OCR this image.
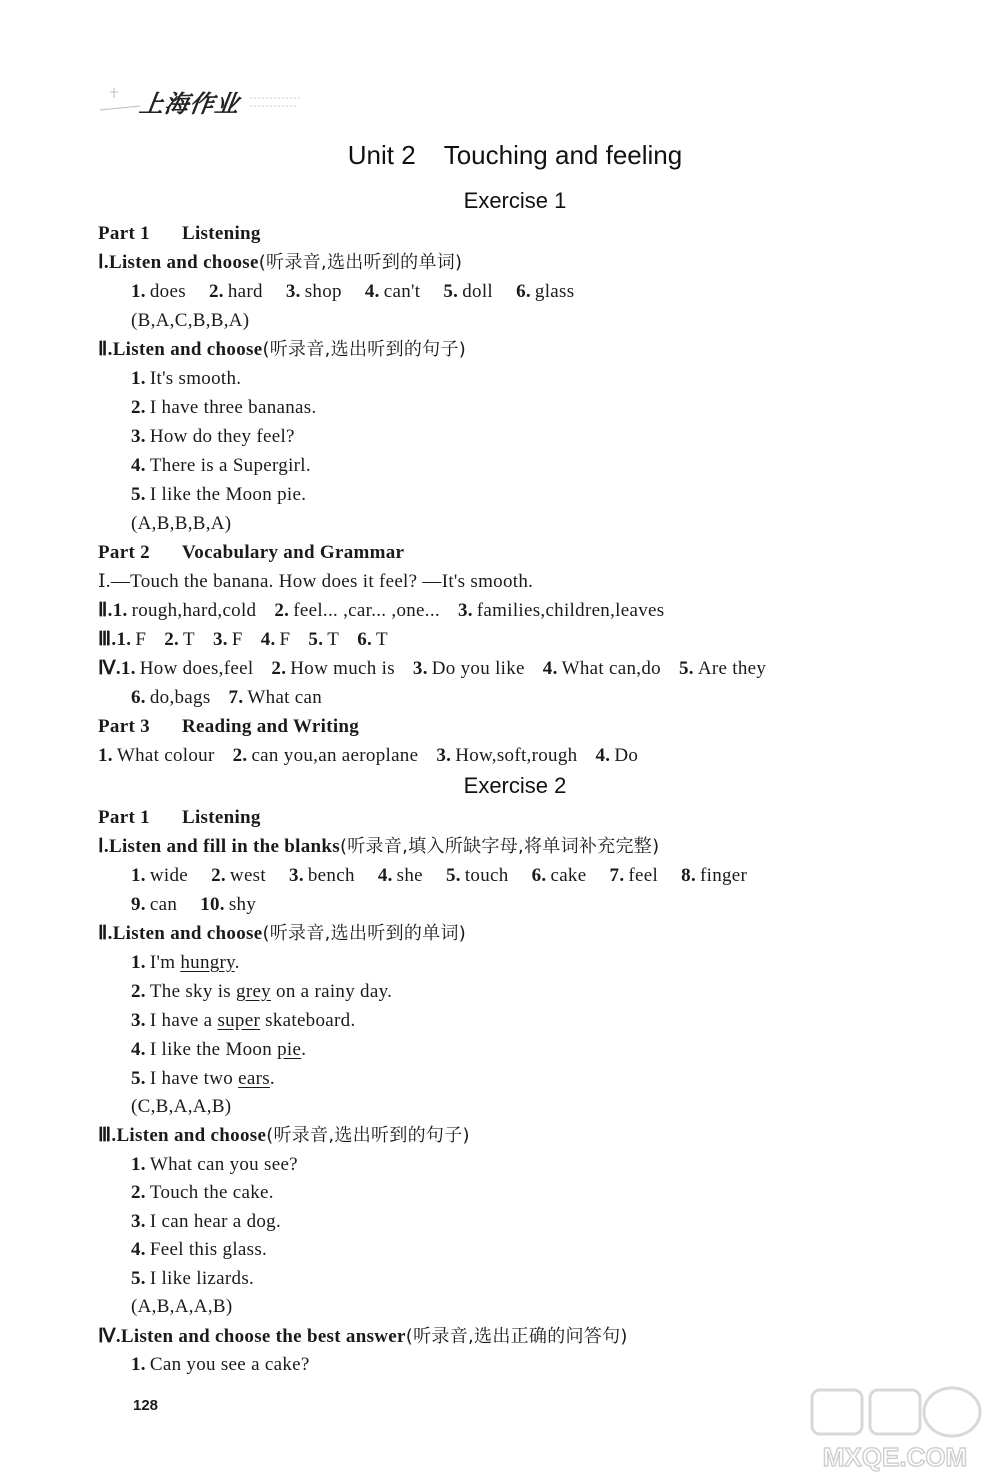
上海作业
Unit 2 Touching and feeling
Exercise 1
Part 1 Listening
Ⅰ.Listen and choose(听录音,选出听到的单词)
1. does 2. hard 3. shop 4. can't 5. doll 6. glass
(B,A,C,B,B,A)
Ⅱ.Listen and choose(听录音,选出听到的句子)
1. It's smooth.
2. I have three bananas.
3. How do they feel?
4. There is a Supergirl.
5. I like the Moon pie.
(A,B,B,B,A)
Part 2 Vocabulary and Grammar
Ⅰ.—Touch the banana. How does it feel? —It's smooth.
Ⅱ.1. rough,hard,cold 2. feel... ,car... ,one... 3. families,children,leaves
Ⅲ.1. F 2. T 3. F 4. F 5. T 6. T
Ⅳ.1. How does,feel 2. How much is 3. Do you like 4. What can,do 5. Are they
6. do,bags 7. What can
Part 3 Reading and Writing
1. What colour 2. can you,an aeroplane 3. How,soft,rough 4. Do
Exercise 2
Part 1 Listening
Ⅰ.Listen and fill in the blanks(听录音,填入所缺字母,将单词补充完整)
1. wide 2. west 3. bench 4. she 5. touch 6. cake 7. feel 8. finger
9. can 10. shy
Ⅱ.Listen and choose(听录音,选出听到的单词)
1. I'm hungry.
2. The sky is grey on a rainy day.
3. I have a super skateboard.
4. I like the Moon pie.
5. I have two ears.
(C,B,A,A,B)
Ⅲ.Listen and choose(听录音,选出听到的句子)
1. What can you see?
2. Touch the cake.
3. I can hear a dog.
4. Feel this glass.
5. I like lizards.
(A,B,A,A,B)
Ⅳ.Listen and choose the best answer(听录音,选出正确的问答句)
1. Can you see a cake?
128
MXQE.COM
